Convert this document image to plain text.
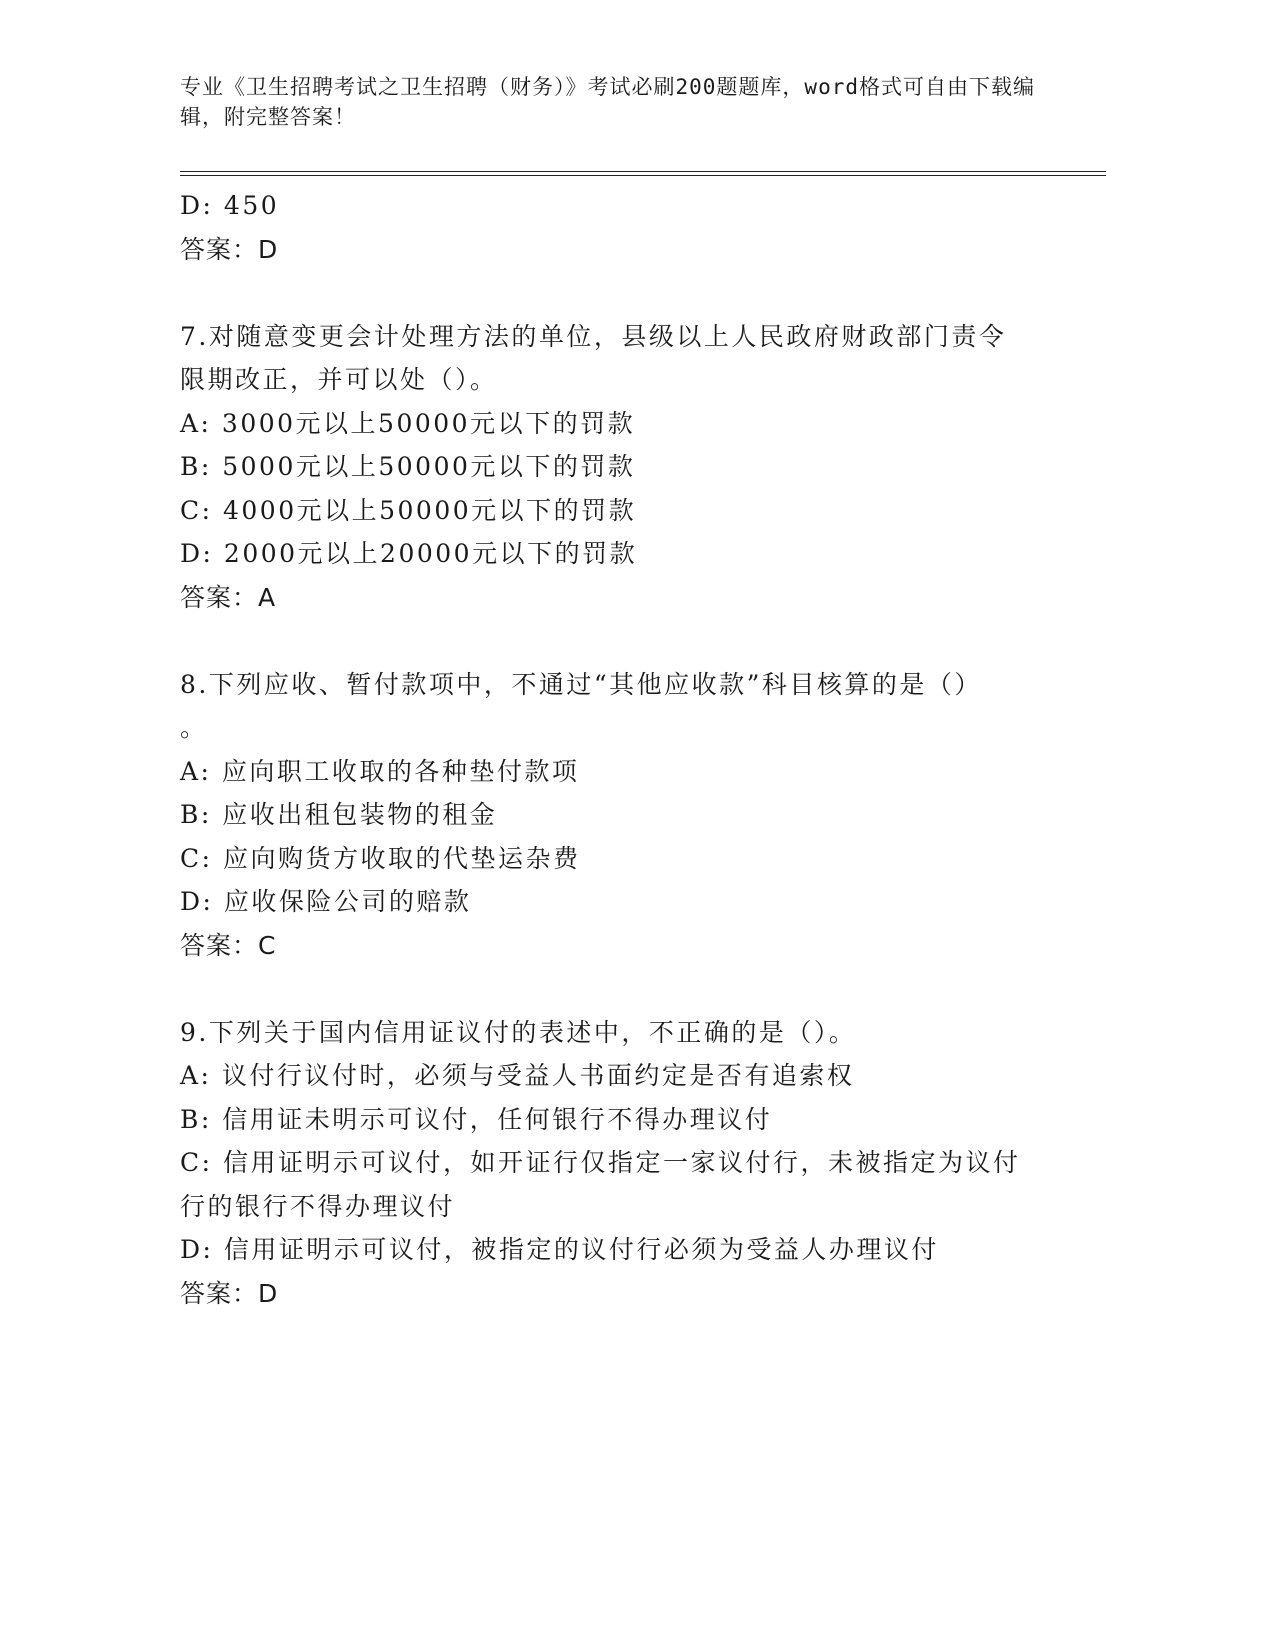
专业《卫生招聘考试之卫生招聘（财务）》考试必刷200题题库，word格式可自由下载编辑，附完整答案！
D: 450
答案：D
7.对随意变更会计处理方法的单位，县级以上人民政府财政部门责令
限期改正，并可以处（）。
A: 3000元以上50000元以下的罚款
B: 5000元以上50000元以下的罚款
C: 4000元以上50000元以下的罚款
D: 2000元以上20000元以下的罚款
答案：A
8.下列应收、暂付款项中，不通过“其他应收款”科目核算的是（）
。
A: 应向职工收取的各种垫付款项
B: 应收出租包装物的租金
C: 应向购货方收取的代垫运杂费
D: 应收保险公司的赔款
答案：C
9.下列关于国内信用证议付的表述中，不正确的是（）。
A: 议付行议付时，必须与受益人书面约定是否有追索权
B: 信用证未明示可议付，任何银行不得办理议付
C: 信用证明示可议付，如开证行仅指定一家议付行，未被指定为议付
行的银行不得办理议付
D: 信用证明示可议付，被指定的议付行必须为受益人办理议付
答案：D
